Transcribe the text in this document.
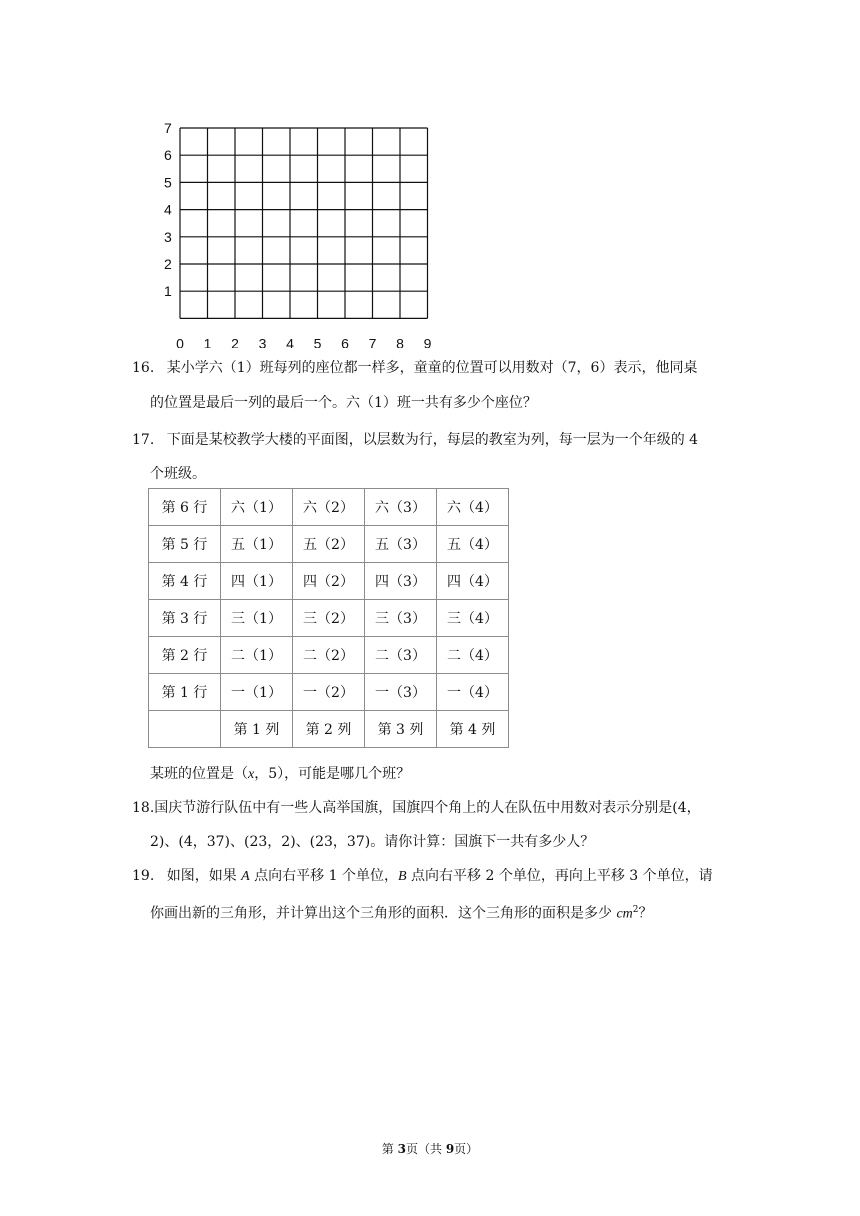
7
6
5
4
3
2
1
0 1 2 3 4 5 6 7 8 9
16. 某小学六（1）班每列的座位都一样多，童童的位置可以用数对（7，6）表示，他同桌
的位置是最后一列的最后一个。六（1）班一共有多少个座位？
17. 下面是某校教学大楼的平面图，以层数为行，每层的教室为列，每一层为一个年级的 4
个班级。
第 6 行	六（1）	六（2）	六（3）	六（4）
第 5 行	五（1）	五（2）	五（3）	五（4）
第 4 行	四（1）	四（2）	四（3）	四（4）
第 3 行	三（1）	三（2）	三（3）	三（4）
第 2 行	二（1）	二（2）	二（3）	二（4）
第 1 行	一（1）	一（2）	一（3）	一（4）
	第 1 列	第 2 列	第 3 列	第 4 列
某班的位置是（x，5），可能是哪几个班？
18.国庆节游行队伍中有一些人高举国旗，国旗四个角上的人在队伍中用数对表示分别是(4，
2)、(4，37)、(23，2)、(23，37)。请你计算：国旗下一共有多少人？
19. 如图，如果 A 点向右平移 1 个单位，B 点向右平移 2 个单位，再向上平移 3 个单位，请
你画出新的三角形，并计算出这个三角形的面积．这个三角形的面积是多少 $cm^2$？
第 3页（共 9页）
